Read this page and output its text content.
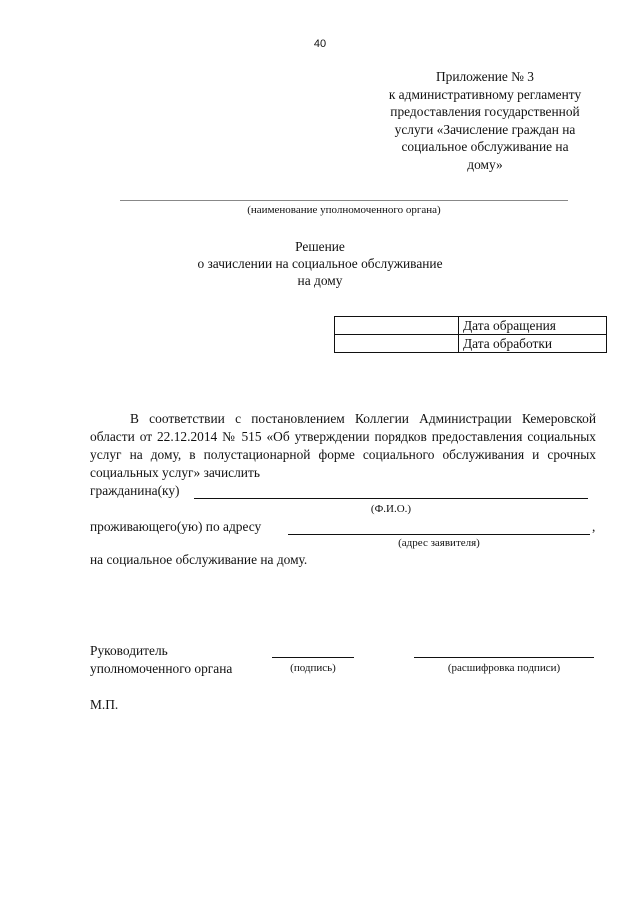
40
Приложение № 3
к административному регламенту
предоставления государственной
услуги «Зачисление граждан на
социальное обслуживание на
дому»
(наименование уполномоченного органа)
Решение
о зачислении на социальное обслуживание
на дому
	Дата обращения
	Дата обработки
В соответствии с постановлением Коллегии Администрации Кемеровской области от 22.12.2014 № 515 «Об утверждении порядков предоставления социальных услуг на дому, в полустационарной форме социального обслуживания и срочных социальных услуг» зачислить
гражданина(ку)
(Ф.И.О.)
проживающего(ую) по адресу	,
(адрес заявителя)
на социальное обслуживание на дому.
Руководитель
уполномоченного органа	(подпись)	(расшифровка подписи)
М.П.
